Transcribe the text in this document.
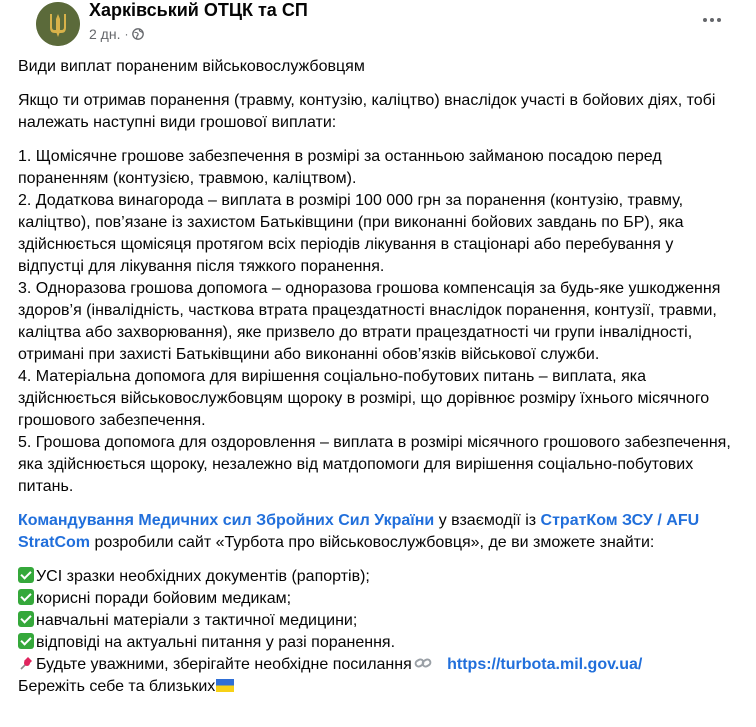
Харківський ОТЦК та СП
2 дн. ·

Види виплат пораненим військовослужбовцям

Якщо ти отримав поранення (травму, контузію, каліцтво) внаслідок участі в бойових діях, тобі належать наступні види грошової виплати:

1. Щомісячне грошове забезпечення в розмірі за останньою займаною посадою перед пораненням (контузією, травмою, каліцтвом).

2. Додаткова винагорода – виплата в розмірі 100 000 грн за поранення (контузію, травму, каліцтво), пов’язане із захистом Батьківщини (при виконанні бойових завдань по БР), яка здійснюється щомісяця протягом всіх періодів лікування в стаціонарі або перебування у відпустці для лікування після тяжкого поранення.

3. Одноразова грошова допомога – одноразова грошова компенсація за будь-яке ушкодження здоров’я (інвалідність, часткова втрата працездатності внаслідок поранення, контузії, травми, каліцтва або захворювання), яке призвело до втрати працездатності чи групи інвалідності, отримані при захисті Батьківщини або виконанні обов’язків військової служби.

4. Матеріальна допомога для вирішення соціально-побутових питань – виплата, яка здійснюється військовослужбовцям щороку в розмірі, що дорівнює розміру їхнього місячного грошового забезпечення.

5. Грошова допомога для оздоровлення – виплата в розмірі місячного грошового забезпечення, яка здійснюється щороку, незалежно від матдопомоги для вирішення соціально-побутових питань.

Командування Медичних сил Збройних Сил України у взаємодії із СтратКом ЗСУ / AFU StratCom розробили сайт «Турбота про військовослужбовця», де ви зможете знайти:

УСІ зразки необхідних документів (рапортів);

корисні поради бойовим медикам;

навчальні матеріали з тактичної медицини;

відповіді на актуальні питання у разі поранення.

Будьте уважними, зберігайте необхідне посилання https://turbota.mil.gov.ua/

Бережіть себе та близьких
